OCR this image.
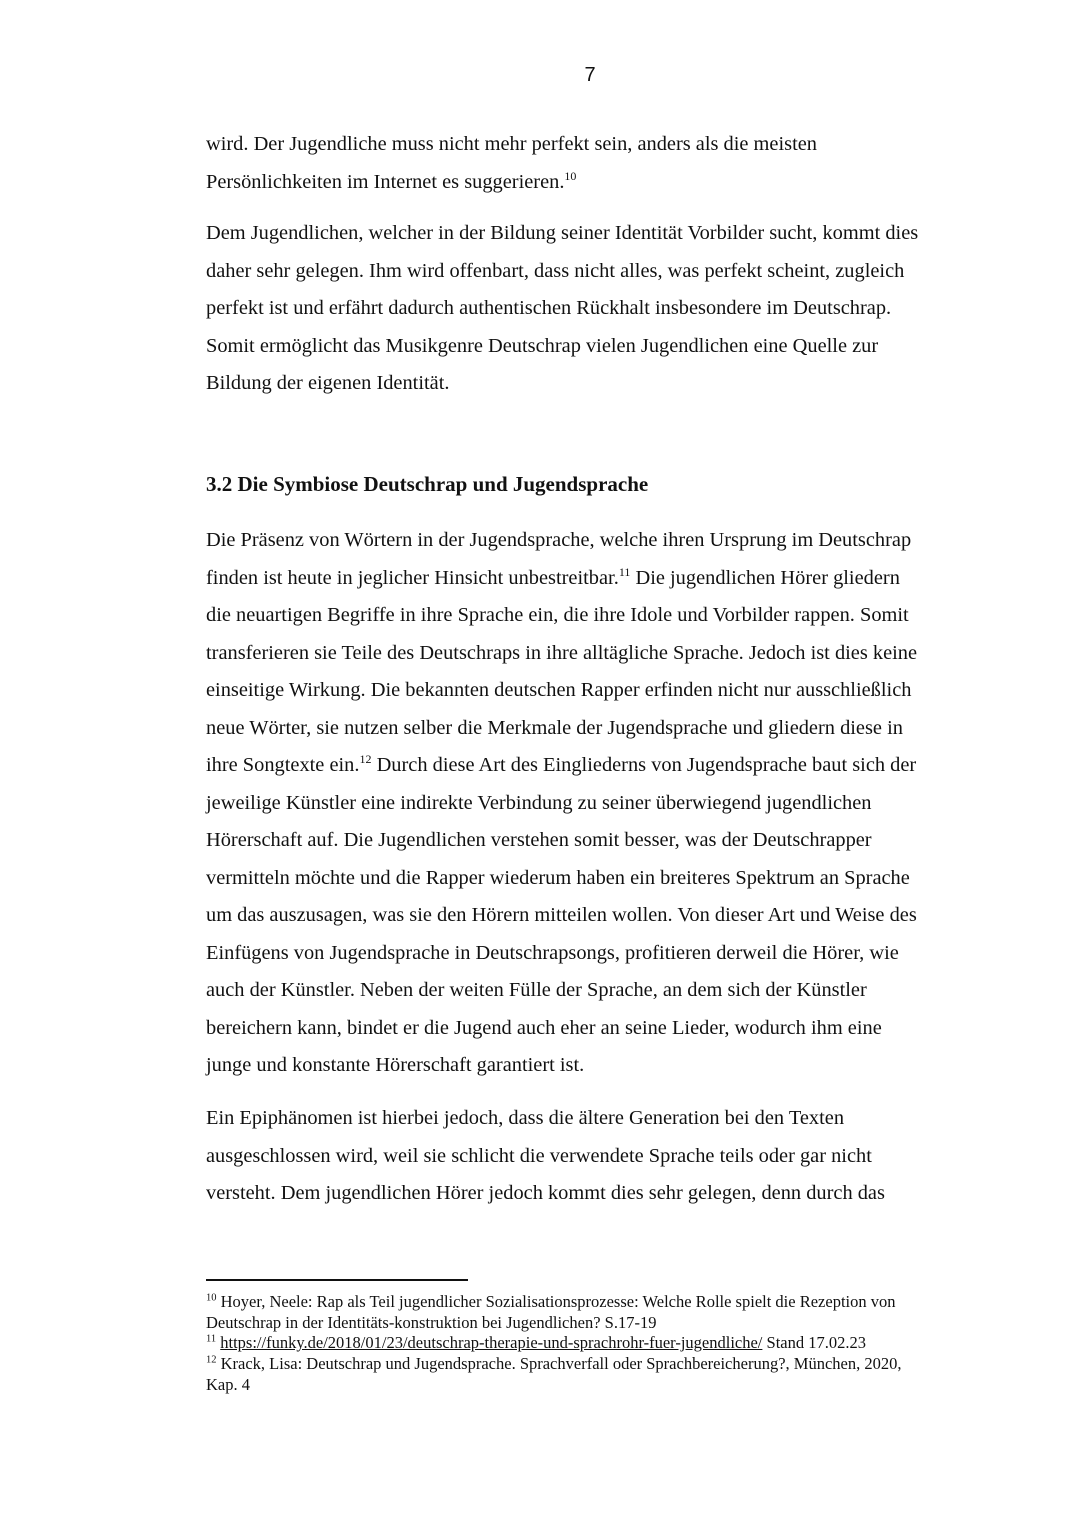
7

wird. Der Jugendliche muss nicht mehr perfekt sein, anders als die meisten
Persönlichkeiten im Internet es suggerieren.$^{10}$

Dem Jugendlichen, welcher in der Bildung seiner Identität Vorbilder sucht, kommt dies
daher sehr gelegen. Ihm wird offenbart, dass nicht alles, was perfekt scheint, zugleich
perfekt ist und erfährt dadurch authentischen Rückhalt insbesondere im Deutschrap.
Somit ermöglicht das Musikgenre Deutschrap vielen Jugendlichen eine Quelle zur
Bildung der eigenen Identität.

3.2 Die Symbiose Deutschrap und Jugendsprache

Die Präsenz von Wörtern in der Jugendsprache, welche ihren Ursprung im Deutschrap
finden ist heute in jeglicher Hinsicht unbestreitbar.$^{11}$ Die jugendlichen Hörer gliedern
die neuartigen Begriffe in ihre Sprache ein, die ihre Idole und Vorbilder rappen. Somit
transferieren sie Teile des Deutschraps in ihre alltägliche Sprache. Jedoch ist dies keine
einseitige Wirkung. Die bekannten deutschen Rapper erfinden nicht nur ausschließlich
neue Wörter, sie nutzen selber die Merkmale der Jugendsprache und gliedern diese in
ihre Songtexte ein.$^{12}$ Durch diese Art des Eingliederns von Jugendsprache baut sich der
jeweilige Künstler eine indirekte Verbindung zu seiner überwiegend jugendlichen
Hörerschaft auf. Die Jugendlichen verstehen somit besser, was der Deutschrapper
vermitteln möchte und die Rapper wiederum haben ein breiteres Spektrum an Sprache
um das auszusagen, was sie den Hörern mitteilen wollen. Von dieser Art und Weise des
Einfügens von Jugendsprache in Deutschrapsongs, profitieren derweil die Hörer, wie
auch der Künstler. Neben der weiten Fülle der Sprache, an dem sich der Künstler
bereichern kann, bindet er die Jugend auch eher an seine Lieder, wodurch ihm eine
junge und konstante Hörerschaft garantiert ist.

Ein Epiphänomen ist hierbei jedoch, dass die ältere Generation bei den Texten
ausgeschlossen wird, weil sie schlicht die verwendete Sprache teils oder gar nicht
versteht. Dem jugendlichen Hörer jedoch kommt dies sehr gelegen, denn durch das

$^{10}$ Hoyer, Neele: Rap als Teil jugendlicher Sozialisationsprozesse: Welche Rolle spielt die Rezeption von
Deutschrap in der Identitäts-konstruktion bei Jugendlichen? S.17-19

$^{11}$ https://funky.de/2018/01/23/deutschrap-therapie-und-sprachrohr-fuer-jugendliche/ Stand 17.02.23

$^{12}$ Krack, Lisa: Deutschrap und Jugendsprache. Sprachverfall oder Sprachbereicherung?, München, 2020,
Kap. 4
